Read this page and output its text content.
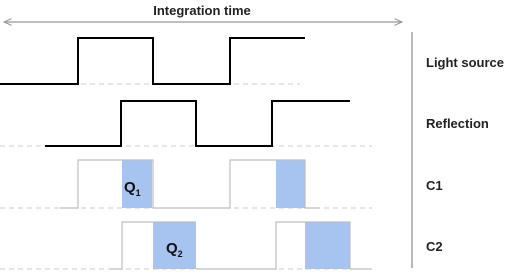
Integration time
Light source
Reflection
$Q_1$	C1
$Q_2$	C2
